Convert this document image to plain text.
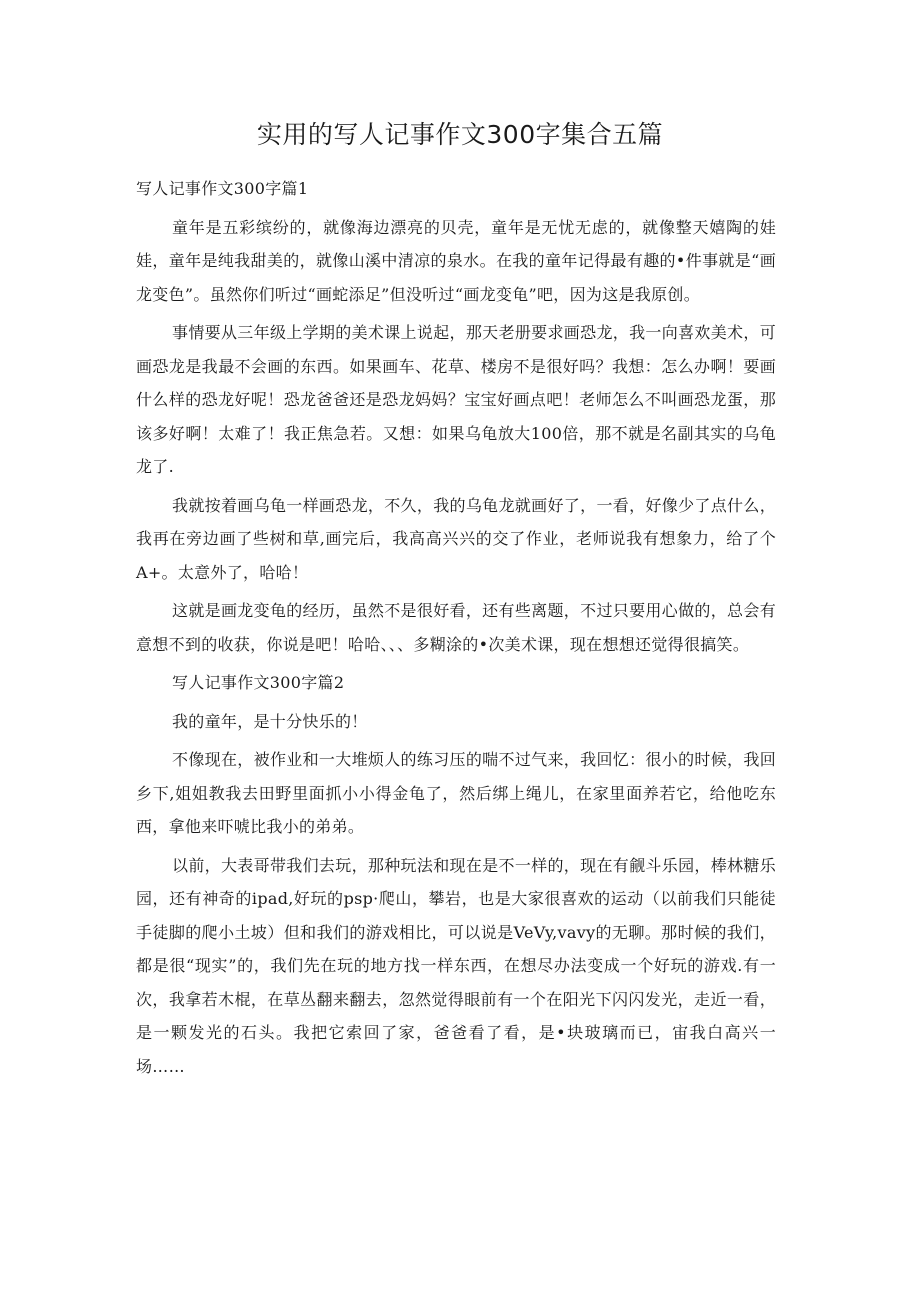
实用的写人记事作文300字集合五篇

写人记事作文300字篇1

童年是五彩缤纷的，就像海边漂亮的贝壳，童年是无忧无虑的，就像整天嬉陶的娃娃，童年是纯我甜美的，就像山溪中清凉的泉水。在我的童年记得最有趣的•件事就是“画龙变色”。虽然你们听过“画蛇添足”但没听过“画龙变龟”吧，因为这是我原创。

事情要从三年级上学期的美术课上说起，那天老册要求画恐龙，我一向喜欢美术，可画恐龙是我最不会画的东西。如果画车、花草、楼房不是很好吗？我想：怎么办啊！要画什么样的恐龙好呢！恐龙爸爸还是恐龙妈妈？宝宝好画点吧！老师怎么不叫画恐龙蛋，那该多好啊！太难了！我正焦急若。又想：如果乌龟放大100倍，那不就是名副其实的乌龟龙了.

我就按着画乌龟一样画恐龙，不久，我的乌龟龙就画好了，一看，好像少了点什么，我再在旁边画了些树和草,画完后，我高高兴兴的交了作业，老师说我有想象力，给了个A+。太意外了，哈哈！

这就是画龙变龟的经历，虽然不是很好看，还有些离题，不过只要用心做的，总会有意想不到的收获，你说是吧！哈哈、、、多糊涂的•次美术课，现在想想还觉得很搞笑。

写人记事作文300字篇2

我的童年，是十分快乐的！

不像现在，被作业和一大堆烦人的练习压的喘不过气来，我回忆：很小的时候，我回乡下,姐姐教我去田野里面抓小小得金龟了，然后绑上绳儿，在家里面养若它，给他吃东西，拿他来吓唬比我小的弟弟。

以前，大表哥带我们去玩，那种玩法和现在是不一样的，现在有觎斗乐园，棒林糖乐园，还有神奇的ipad,好玩的psp·爬山，攀岩，也是大家很喜欢的运动（以前我们只能徒手徒脚的爬小土坡）但和我们的游戏相比，可以说是VeVy,vavy的无聊。那时候的我们，都是很“现实”的，我们先在玩的地方找一样东西，在想尽办法变成一个好玩的游戏.有一次，我拿若木棍，在草丛翻来翻去，忽然觉得眼前有一个在阳光下闪闪发光，走近一看，是一颗发光的石头。我把它索回了家，爸爸看了看，是•块玻璃而已，宙我白高兴一场……
